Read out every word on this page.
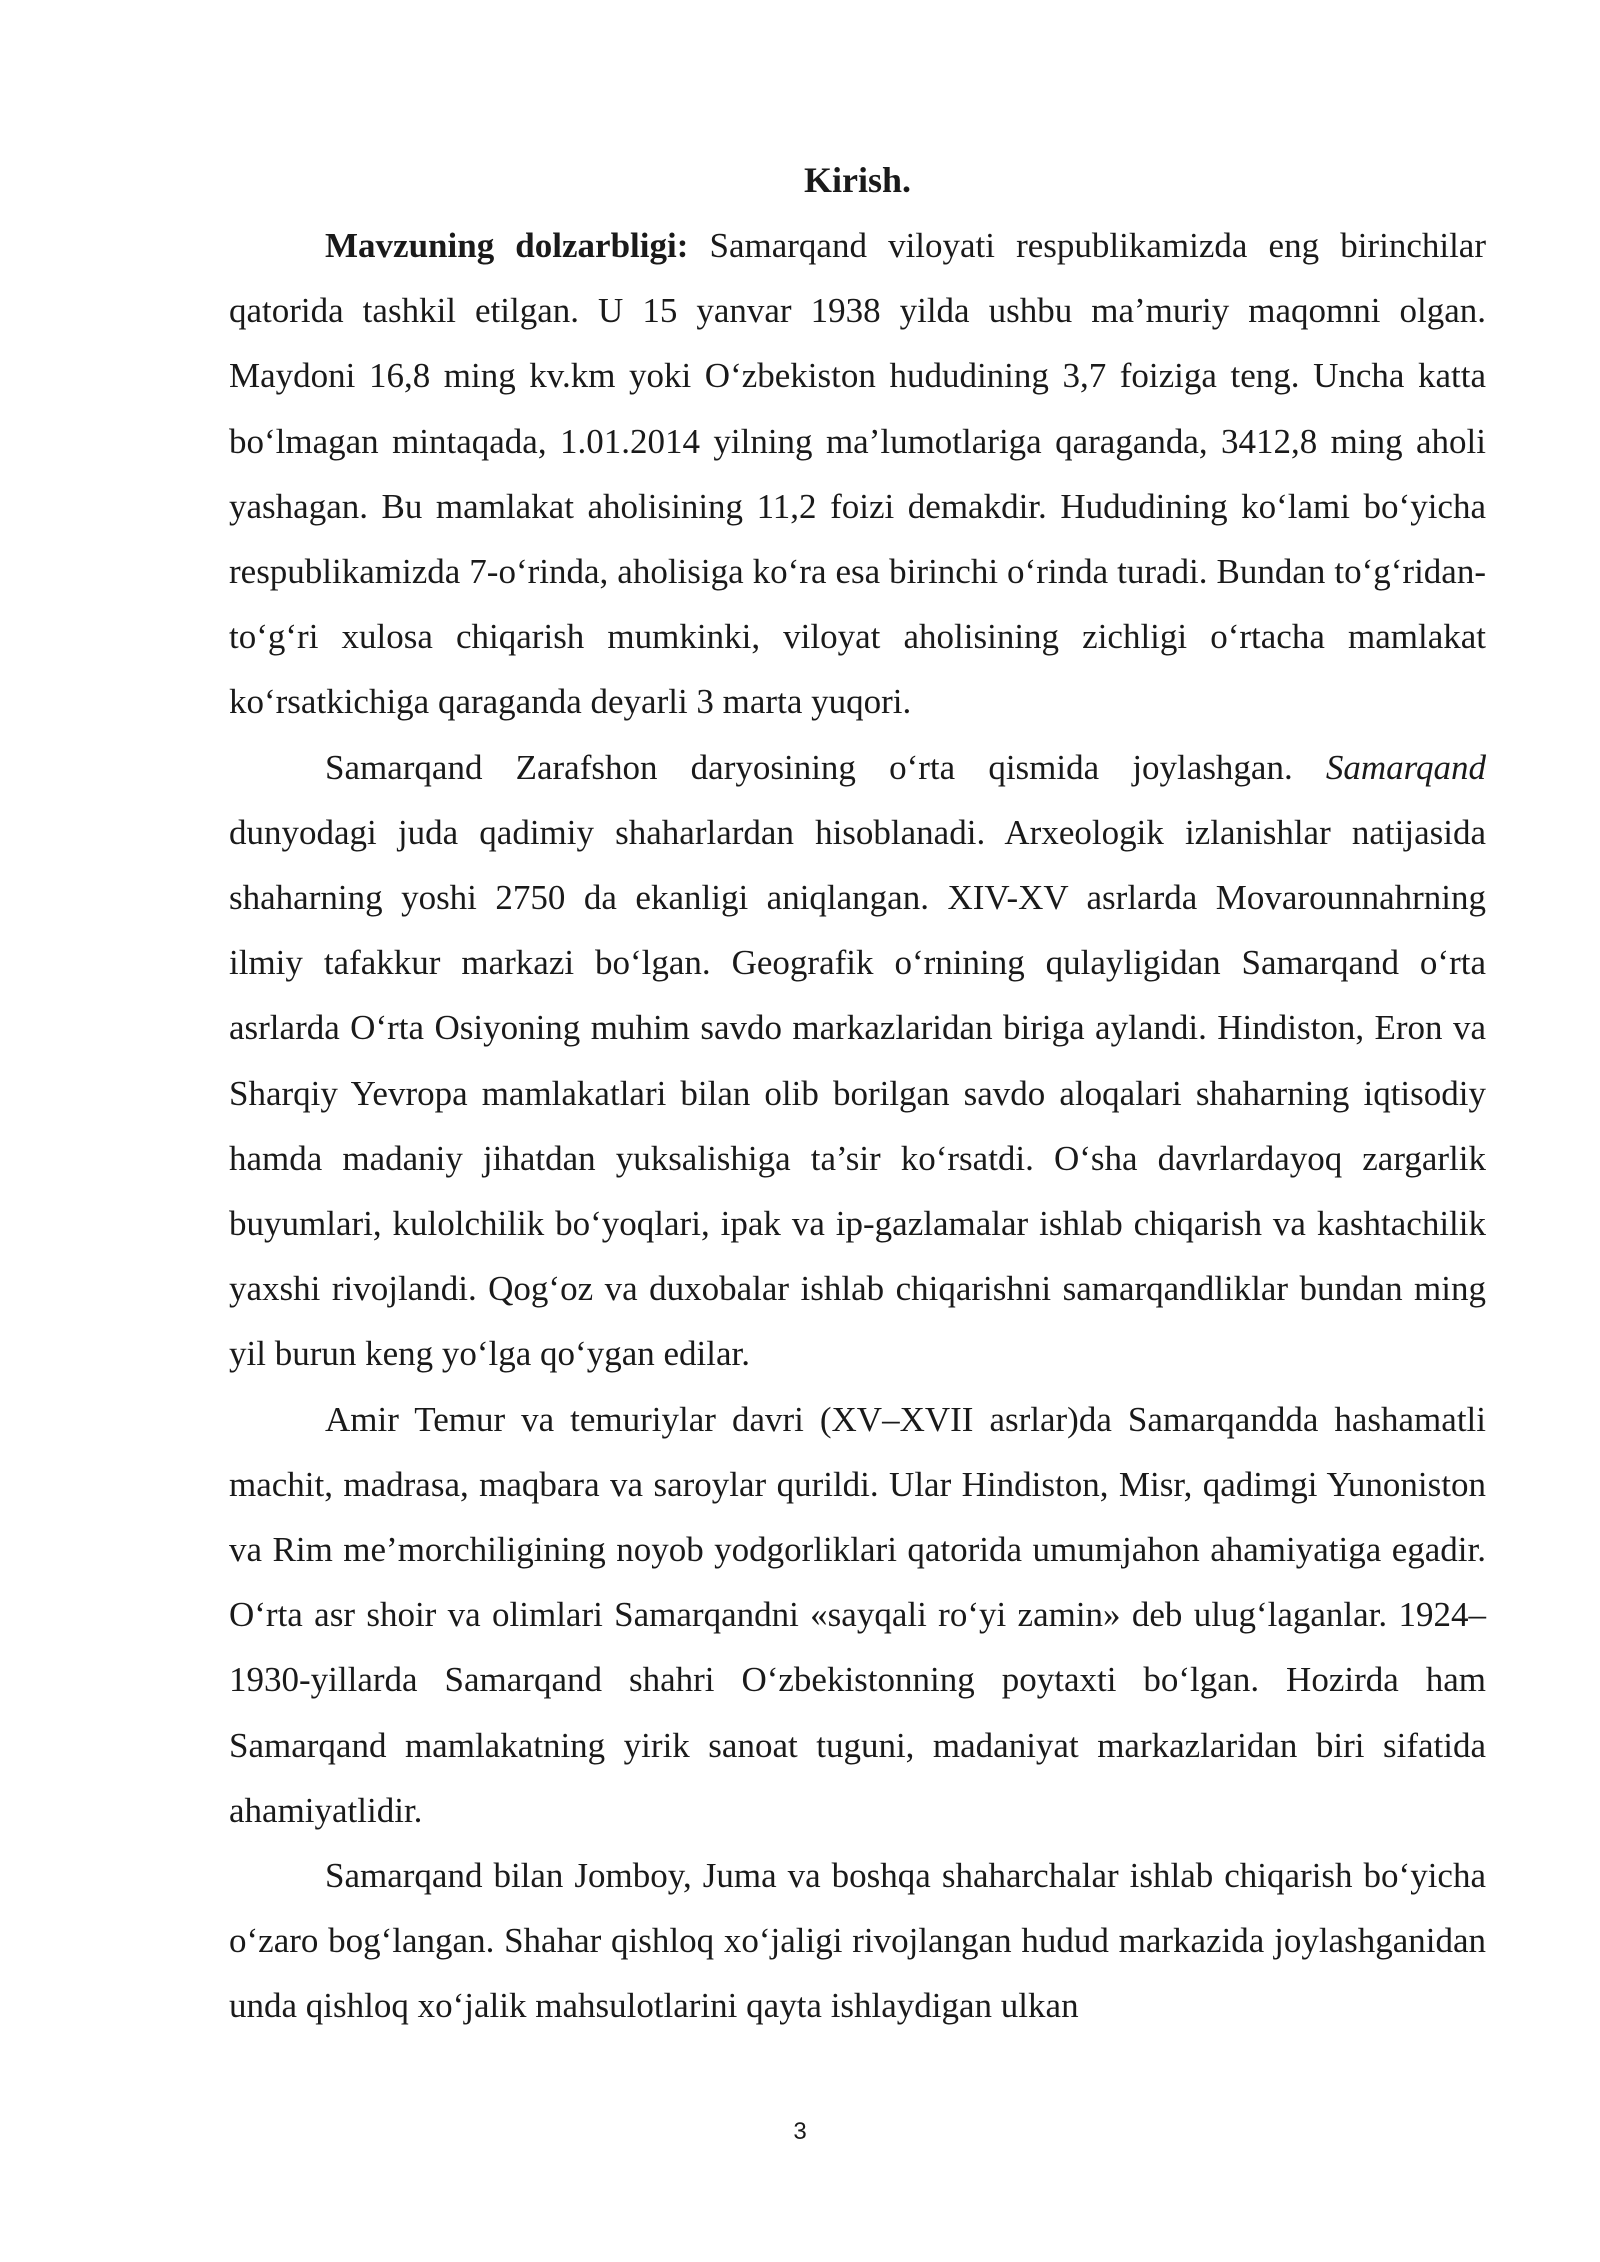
Kirish.

Mavzuning dolzarbligi: Samarqand viloyati respublikamizda eng birinchilar qatorida tashkil etilgan. U 15 yanvar 1938 yilda ushbu ma’muriy maqomni olgan. Maydoni 16,8 ming kv.km yoki O‘zbekiston hududining 3,7 foiziga teng. Uncha katta bo‘lmagan mintaqada, 1.01.2014 yilning ma’lumotlariga qaraganda, 3412,8 ming aholi yashagan. Bu mamlakat aholisining 11,2 foizi demakdir. Hududining ko‘lami bo‘yicha respublikamizda 7-o‘rinda, aholisiga ko‘ra esa birinchi o‘rinda turadi. Bundan to‘g‘ridan-to‘g‘ri xulosa chiqarish mumkinki, viloyat aholisining zichligi o‘rtacha mamlakat ko‘rsatkichiga qaraganda deyarli 3 marta yuqori.

Samarqand Zarafshon daryosining o‘rta qismida joylashgan. Samarqand dunyodagi juda qadimiy shaharlardan hisoblanadi. Arxeologik izlanishlar natijasida shaharning yoshi 2750 da ekanligi aniqlangan. XIV-XV asrlarda Movarounnahrning ilmiy tafakkur markazi bo‘lgan. Geografik o‘rnining qulayligidan Samarqand o‘rta asrlarda O‘rta Osiyoning muhim savdo markazlaridan biriga aylandi. Hindiston, Eron va Sharqiy Yevropa mamlakatlari bilan olib borilgan savdo aloqalari shaharning iqtisodiy hamda madaniy jihatdan yuksalishiga ta’sir ko‘rsatdi. O‘sha davrlardayoq zargarlik buyumlari, kulolchilik bo‘yoqlari, ipak va ip-gazlamalar ishlab chiqarish va kashtachilik yaxshi rivojlandi. Qog‘oz va duxobalar ishlab chiqarishni samarqandliklar bundan ming yil burun keng yo‘lga qo‘ygan edilar.

Amir Temur va temuriylar davri (XV–XVII asrlar)da Samarqandda hashamatli machit, madrasa, maqbara va saroylar qurildi. Ular Hindiston, Misr, qadimgi Yunoniston va Rim me’morchiligining noyob yodgorliklari qatorida umumjahon ahamiyatiga egadir. O‘rta asr shoir va olimlari Samarqandni «sayqali ro‘yi zamin» deb ulug‘laganlar. 1924–1930-yillarda Samarqand shahri O‘zbekistonning poytaxti bo‘lgan. Hozirda ham Samarqand mamlakatning yirik sanoat tuguni, madaniyat markazlaridan biri sifatida ahamiyatlidir.

Samarqand bilan Jomboy, Juma va boshqa shaharchalar ishlab chiqarish bo‘yicha o‘zaro bog‘langan. Shahar qishloq xo‘jaligi rivojlangan hudud markazida joylashganidan unda qishloq xo‘jalik mahsulotlarini qayta ishlaydigan ulkan

3
